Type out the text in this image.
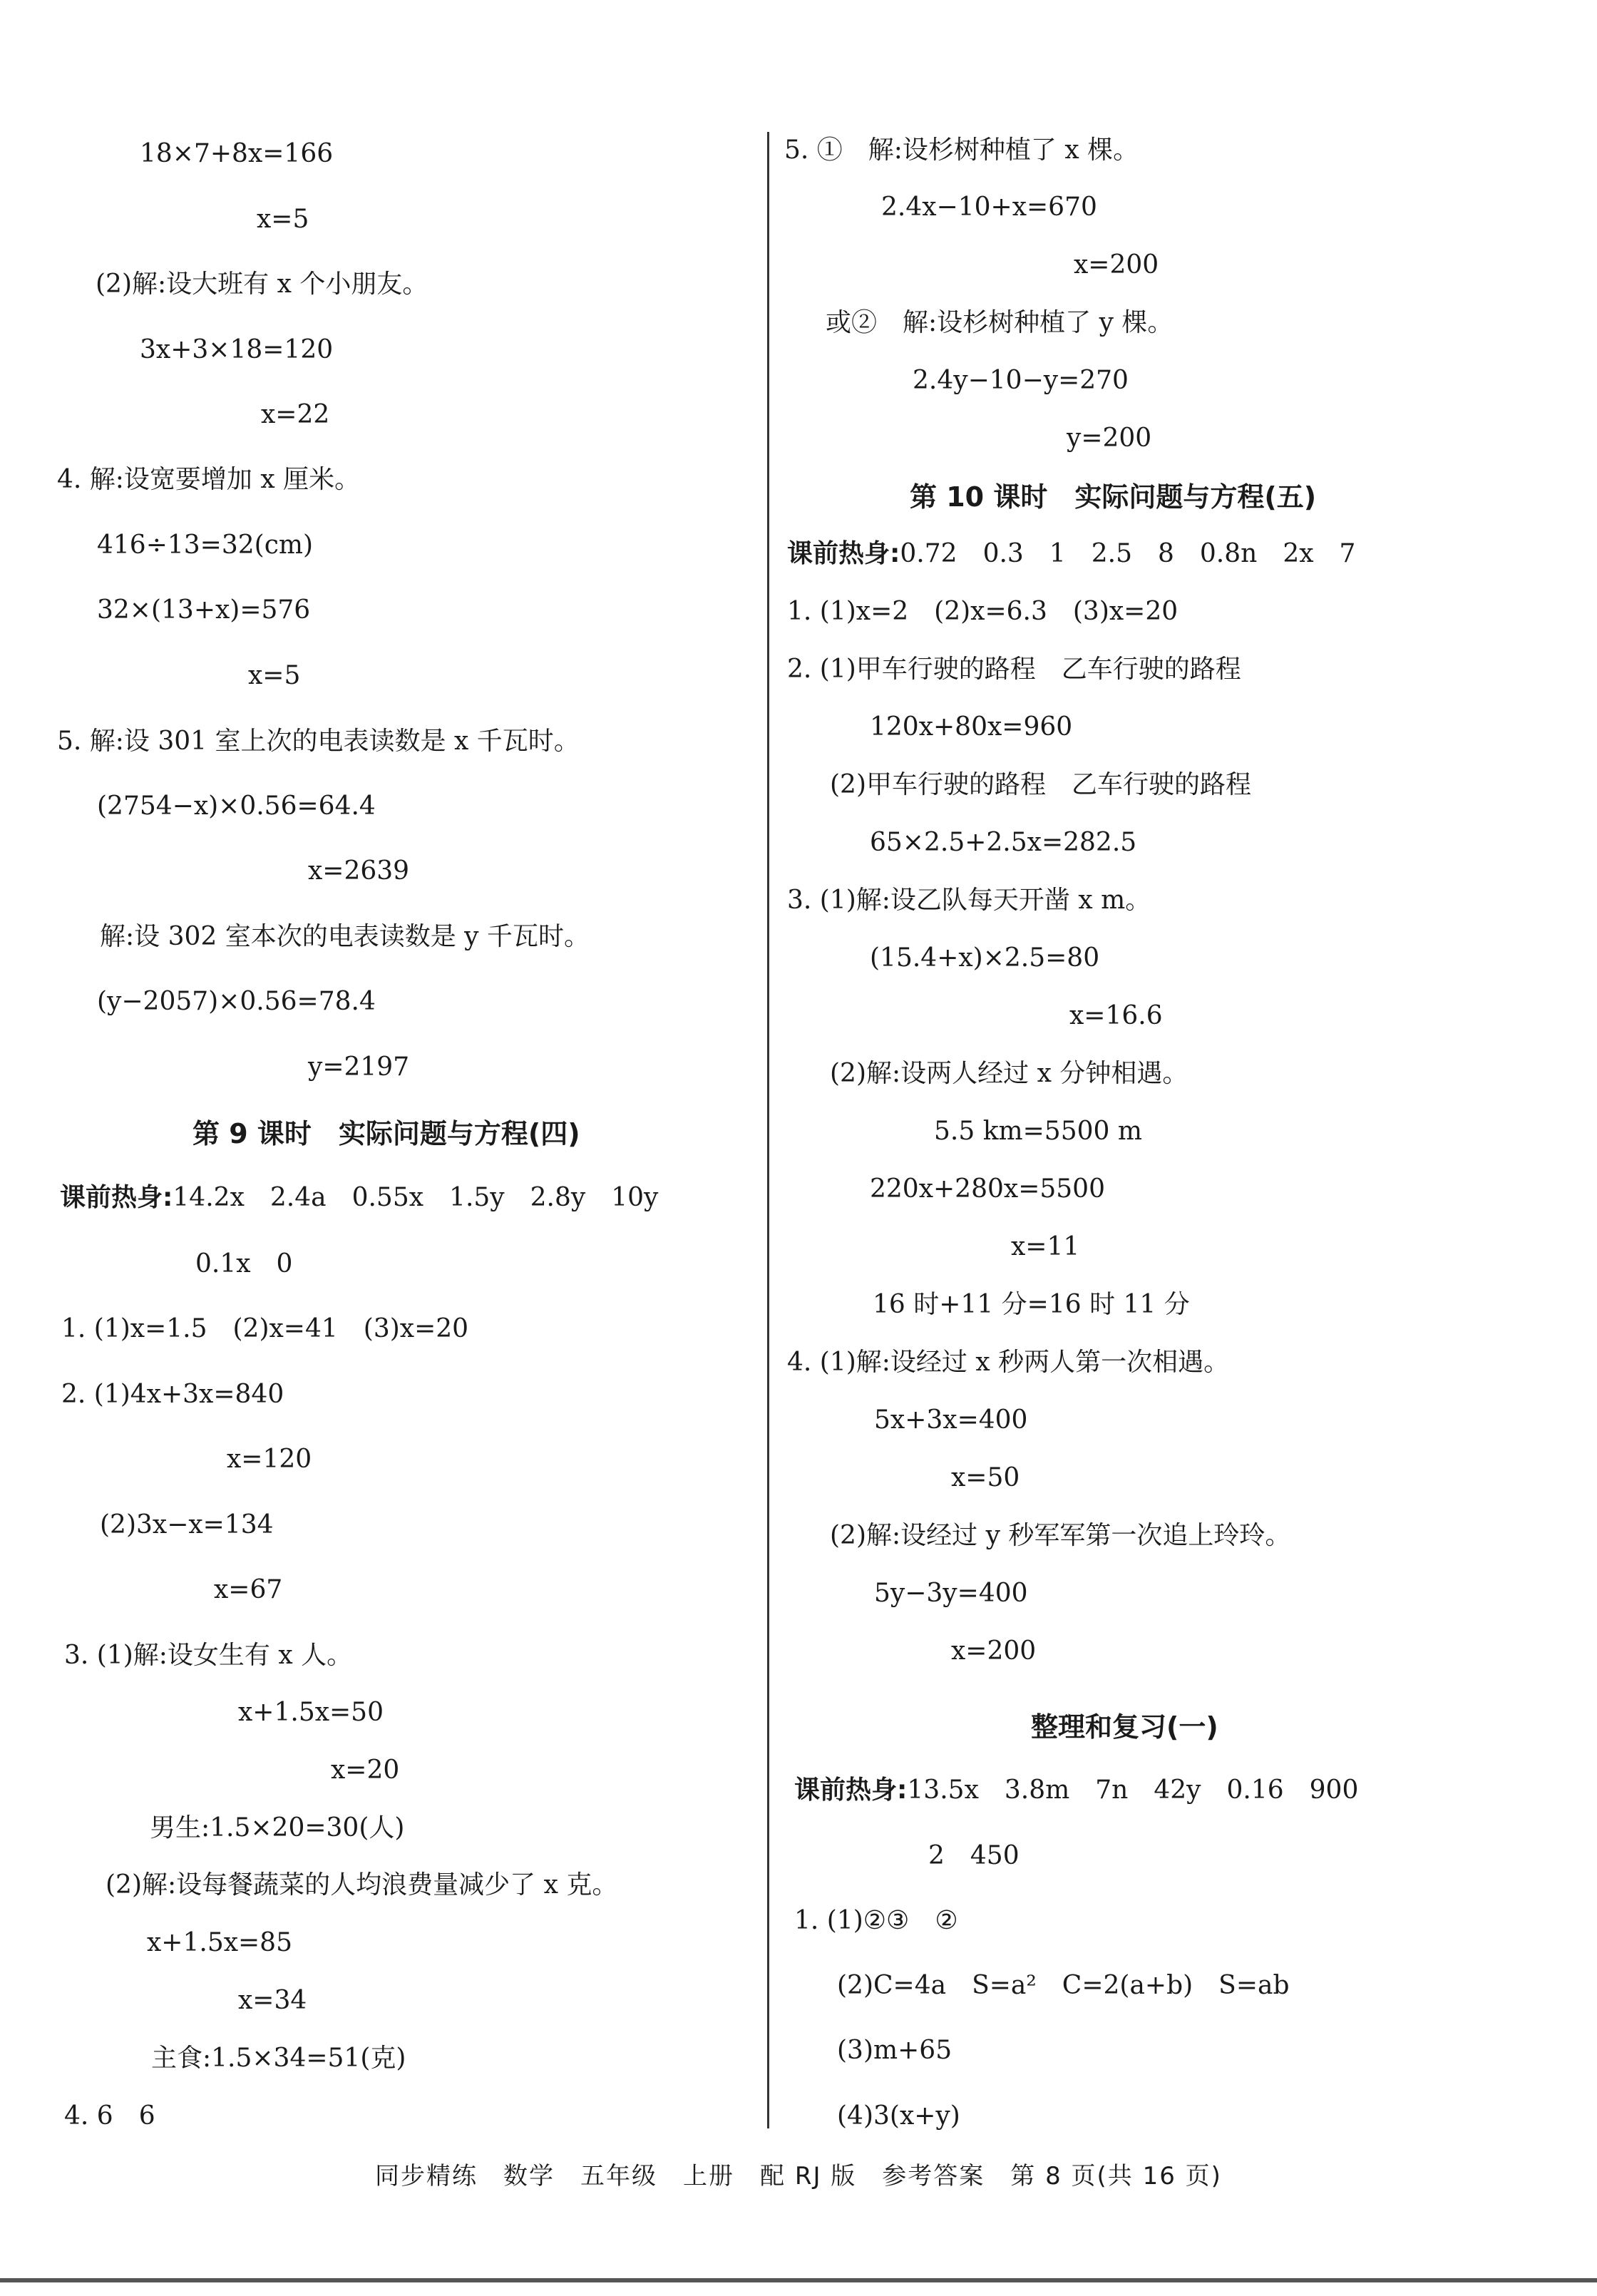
18×7+8x=166
x=5
(2)解:设大班有 x 个小朋友。
3x+3×18=120
x=22
4. 解:设宽要增加 x 厘米。
416÷13=32(cm)
32×(13+x)=576
x=5
5. 解:设 301 室上次的电表读数是 x 千瓦时。
(2754−x)×0.56=64.4
x=2639
解:设 302 室本次的电表读数是 y 千瓦时。
(y−2057)×0.56=78.4
y=2197
第 9 课时　实际问题与方程(四)
课前热身:14.2x　2.4a　0.55x　1.5y　2.8y　10y
0.1x　0
1. (1)x=1.5　(2)x=41　(3)x=20
2. (1)4x+3x=840
x=120
(2)3x−x=134
x=67
3. (1)解:设女生有 x 人。
x+1.5x=50
x=20
男生:1.5×20=30(人)
(2)解:设每餐蔬菜的人均浪费量减少了 x 克。
x+1.5x=85
x=34
主食:1.5×34=51(克)
4. 6　6
5. ①　解:设杉树种植了 x 棵。
2.4x−10+x=670
x=200
或②　解:设杉树种植了 y 棵。
2.4y−10−y=270
y=200
第 10 课时　实际问题与方程(五)
课前热身:0.72　0.3　1　2.5　8　0.8n　2x　7
1. (1)x=2　(2)x=6.3　(3)x=20
2. (1)甲车行驶的路程　乙车行驶的路程
120x+80x=960
(2)甲车行驶的路程　乙车行驶的路程
65×2.5+2.5x=282.5
3. (1)解:设乙队每天开凿 x m。
(15.4+x)×2.5=80
x=16.6
(2)解:设两人经过 x 分钟相遇。
5.5 km=5500 m
220x+280x=5500
x=11
16 时+11 分=16 时 11 分
4. (1)解:设经过 x 秒两人第一次相遇。
5x+3x=400
x=50
(2)解:设经过 y 秒军军第一次追上玲玲。
5y−3y=400
x=200
整理和复习(一)
课前热身:13.5x　3.8m　7n　42y　0.16　900
2　450
1. (1)②③　②
(2)C=4a　S=a²　C=2(a+b)　S=ab
(3)m+65
(4)3(x+y)
同步精练　数学　五年级　上册　配 RJ 版　参考答案　第 8 页(共 16 页)
